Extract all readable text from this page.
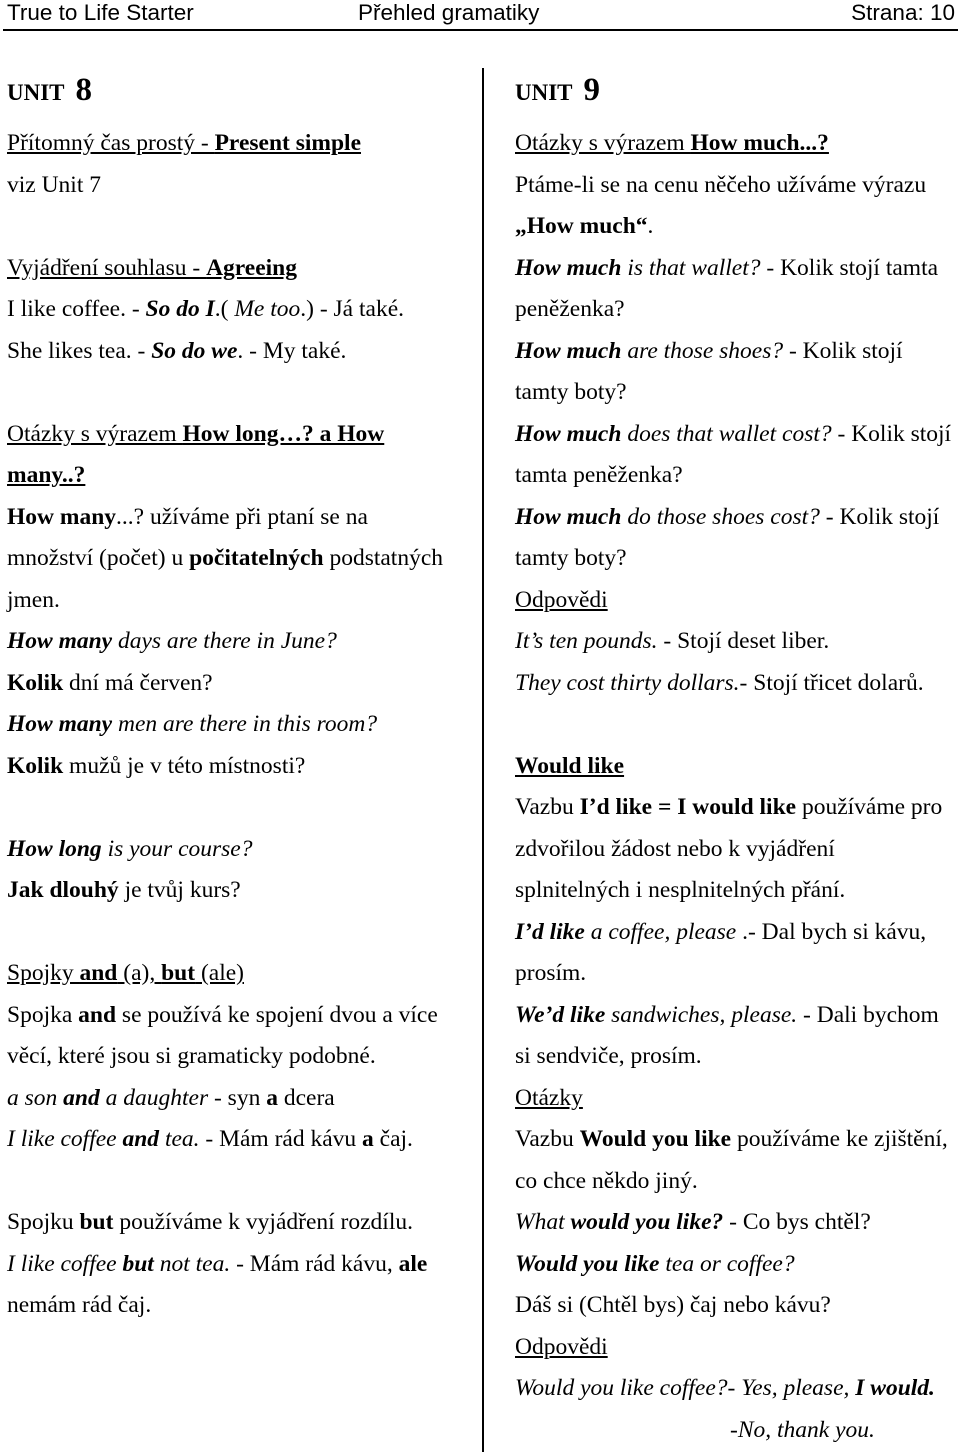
True to Life Starter	Přehled gramatiky	Strana: 10
UNIT 8
Přítomný čas prostý - Present simple
viz Unit 7
Vyjádření souhlasu - Agreeing
I like coffee. - So do I.( Me too.) - Já také.
She likes tea. - So do we. - My také.
Otázky s výrazem How long…? a How
many..?
How many...? užíváme při ptaní se na
množství (počet) u počitatelných podstatných
jmen.
How many days are there in June?
Kolik dní má červen?
How many men are there in this room?
Kolik mužů je v této místnosti?
How long is your course?
Jak dlouhý je tvůj kurs?
Spojky and (a), but (ale)
Spojka and se používá ke spojení dvou a více
věcí, které jsou si gramaticky podobné.
a son and a daughter - syn a dcera
I like coffee and tea. - Mám rád kávu a čaj.
Spojku but používáme k vyjádření rozdílu.
I like coffee but not tea. - Mám rád kávu, ale
nemám rád čaj.
UNIT 9
Otázky s výrazem How much...?
Ptáme-li se na cenu něčeho užíváme výrazu
„How much“.
How much is that wallet? - Kolik stojí tamta
peněženka?
How much are those shoes? - Kolik stojí
tamty boty?
How much does that wallet cost? - Kolik stojí
tamta peněženka?
How much do those shoes cost? - Kolik stojí
tamty boty?
Odpovědi
It’s ten pounds. - Stojí deset liber.
They cost thirty dollars.- Stojí třicet dolarů.
Would like
Vazbu I’d like = I would like používáme pro
zdvořilou žádost nebo k vyjádření
splnitelných i nesplnitelných přání.
I’d like a coffee, please .- Dal bych si kávu,
prosím.
We’d like sandwiches, please. - Dali bychom
si sendviče, prosím.
Otázky
Vazbu Would you like používáme ke zjištění,
co chce někdo jiný.
What would you like? - Co bys chtěl?
Would you like tea or coffee?
Dáš si (Chtěl bys) čaj nebo kávu?
Odpovědi
Would you like coffee?- Yes, please, I would.
-No, thank you.
